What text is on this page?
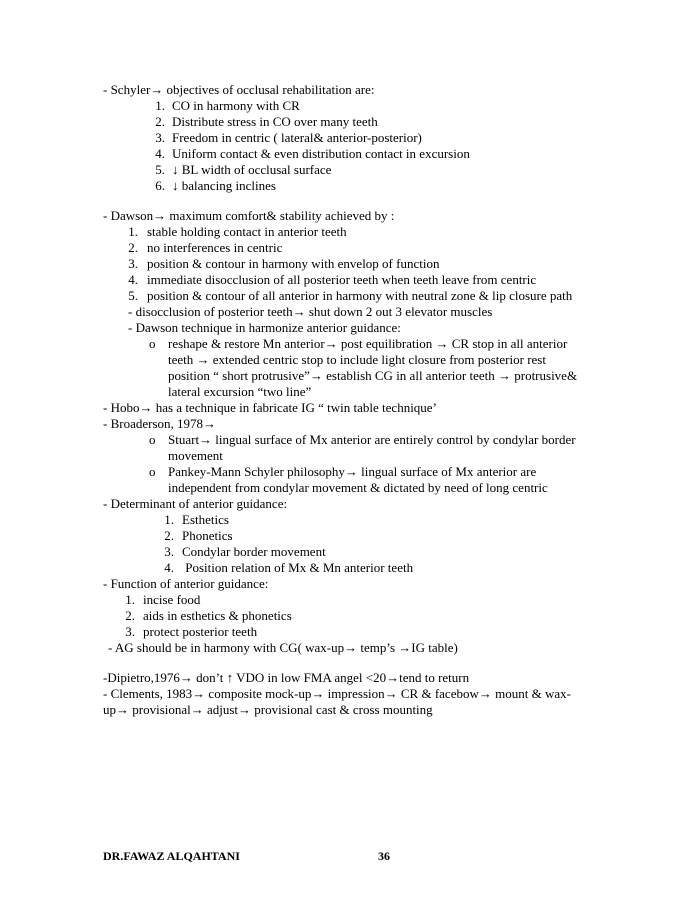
- Schyler→ objectives of occlusal rehabilitation are:
1. CO in harmony with CR
2. Distribute stress in CO over many teeth
3. Freedom in centric ( lateral& anterior-posterior)
4. Uniform contact & even distribution contact in excursion
5. ↓ BL width of occlusal surface
6. ↓ balancing inclines
- Dawson→ maximum comfort& stability achieved by :
1. stable holding contact in anterior teeth
2. no interferences in centric
3. position & contour in harmony with envelop of function
4. immediate disocclusion of all posterior teeth when teeth leave from centric
5. position & contour of all anterior in harmony with neutral zone & lip closure path
- disocclusion of posterior teeth→ shut down 2 out 3 elevator muscles
- Dawson technique in harmonize anterior guidance:
o reshape & restore Mn anterior→ post equilibration → CR stop in all anterior
teeth → extended centric stop to include light closure from posterior rest
position “ short protrusive”→ establish CG in all anterior teeth → protrusive&
lateral excursion “two line”
- Hobo→ has a technique in fabricate IG “ twin table technique’
- Broaderson, 1978→
o Stuart→ lingual surface of Mx anterior are entirely control by condylar border
movement
o Pankey-Mann Schyler philosophy→ lingual surface of Mx anterior are
independent from condylar movement & dictated by need of long centric
- Determinant of anterior guidance:
1. Esthetics
2. Phonetics
3. Condylar border movement
4. Position relation of Mx & Mn anterior teeth
- Function of anterior guidance:
1. incise food
2. aids in esthetics & phonetics
3. protect posterior teeth
- AG should be in harmony with CG( wax-up→ temp’s →IG table)
-Dipietro,1976→ don’t ↑ VDO in low FMA angel <20→tend to return
- Clements, 1983→ composite mock-up→ impression→ CR & facebow→ mount & wax-
up→ provisional→ adjust→ provisional cast & cross mounting
DR.FAWAZ ALQAHTANI	36
